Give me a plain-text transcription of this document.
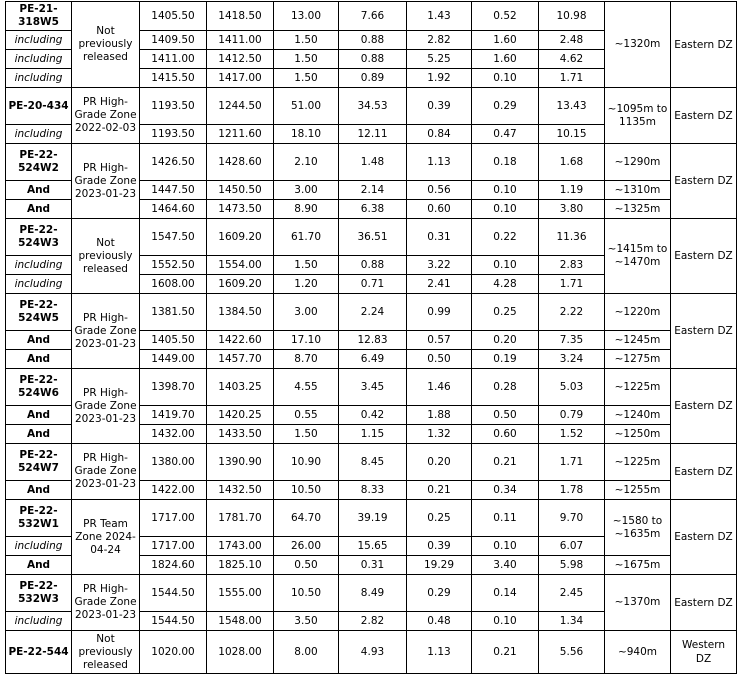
PE-21-318W5	Not previously released	1405.50	1418.50	13.00	7.66	1.43	0.52	10.98	~1320m	Eastern DZ
including		1409.50	1411.00	1.50	0.88	2.82	1.60	2.48		
including		1411.00	1412.50	1.50	0.88	5.25	1.60	4.62		
including		1415.50	1417.00	1.50	0.89	1.92	0.10	1.71		
PE-20-434	PR High-Grade Zone 2022-02-03	1193.50	1244.50	51.00	34.53	0.39	0.29	13.43	~1095m to 1135m	Eastern DZ
including		1193.50	1211.60	18.10	12.11	0.84	0.47	10.15		
PE-22-524W2	PR High-Grade Zone 2023-01-23	1426.50	1428.60	2.10	1.48	1.13	0.18	1.68	~1290m	Eastern DZ
And		1447.50	1450.50	3.00	2.14	0.56	0.10	1.19	~1310m	
And		1464.60	1473.50	8.90	6.38	0.60	0.10	3.80	~1325m	
PE-22-524W3	Not previously released	1547.50	1609.20	61.70	36.51	0.31	0.22	11.36	~1415m to ~1470m	Eastern DZ
including		1552.50	1554.00	1.50	0.88	3.22	0.10	2.83		
including		1608.00	1609.20	1.20	0.71	2.41	4.28	1.71		
PE-22-524W5	PR High-Grade Zone 2023-01-23	1381.50	1384.50	3.00	2.24	0.99	0.25	2.22	~1220m	Eastern DZ
And		1405.50	1422.60	17.10	12.83	0.57	0.20	7.35	~1245m	
And		1449.00	1457.70	8.70	6.49	0.50	0.19	3.24	~1275m	
PE-22-524W6	PR High-Grade Zone 2023-01-23	1398.70	1403.25	4.55	3.45	1.46	0.28	5.03	~1225m	Eastern DZ
And		1419.70	1420.25	0.55	0.42	1.88	0.50	0.79	~1240m	
And		1432.00	1433.50	1.50	1.15	1.32	0.60	1.52	~1250m	
PE-22-524W7	PR High-Grade Zone 2023-01-23	1380.00	1390.90	10.90	8.45	0.20	0.21	1.71	~1225m	Eastern DZ
And		1422.00	1432.50	10.50	8.33	0.21	0.34	1.78	~1255m	
PE-22-532W1	PR Team Zone 2024-04-24	1717.00	1781.70	64.70	39.19	0.25	0.11	9.70	~1580 to ~1635m	Eastern DZ
including		1717.00	1743.00	26.00	15.65	0.39	0.10	6.07		
And		1824.60	1825.10	0.50	0.31	19.29	3.40	5.98	~1675m	
PE-22-532W3	PR High-Grade Zone 2023-01-23	1544.50	1555.00	10.50	8.49	0.29	0.14	2.45	~1370m	Eastern DZ
including		1544.50	1548.00	3.50	2.82	0.48	0.10	1.34		
PE-22-544	Not previously released	1020.00	1028.00	8.00	4.93	1.13	0.21	5.56	~940m	Western DZ
